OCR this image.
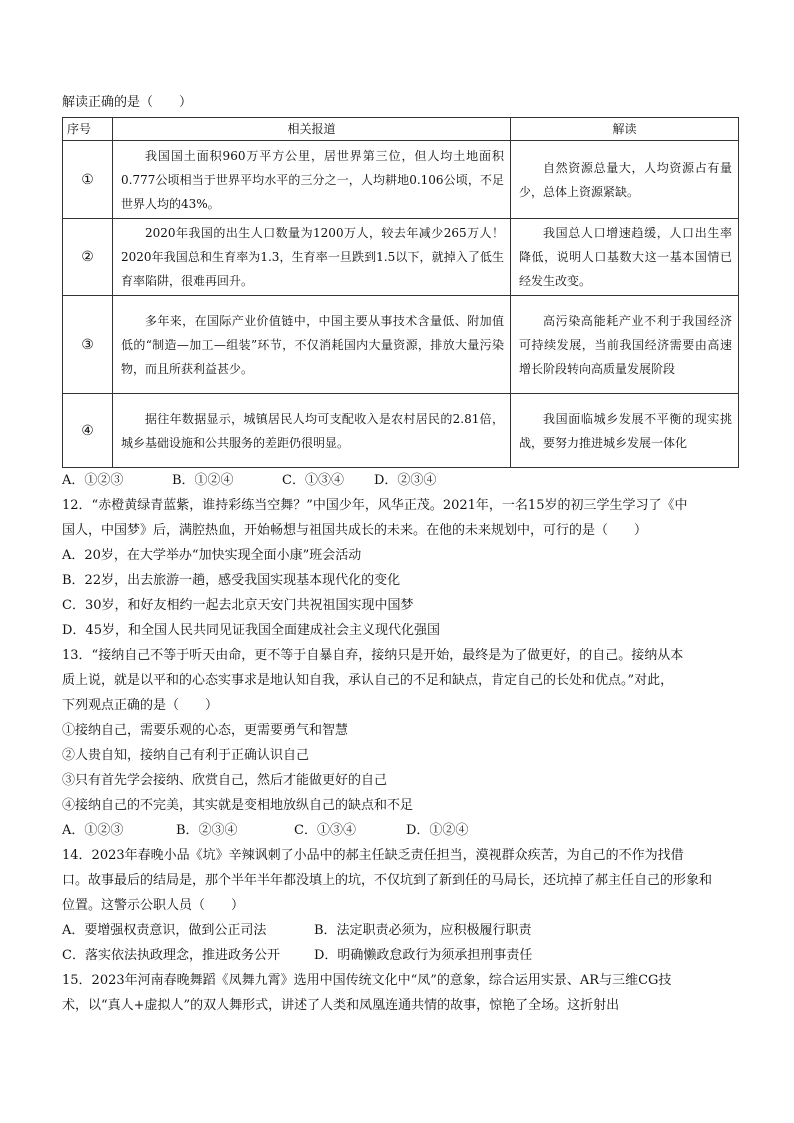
解读正确的是（　　）
序号	相关报道	解读
①	我国国土面积960万平方公里，居世界第三位，但人均土地面积0.777公顷相当于世界平均水平的三分之一，人均耕地0.106公顷，不足世界人均的43%。	自然资源总量大，人均资源占有量少，总体上资源紧缺。
②	2020年我国的出生人口数量为1200万人，较去年减少265万人！2020年我国总和生育率为1.3，生育率一旦跌到1.5以下，就掉入了低生育率陷阱，很难再回升。	我国总人口增速趋缓，人口出生率降低，说明人口基数大这一基本国情已经发生改变。
③	多年来，在国际产业价值链中，中国主要从事技术含量低、附加值低的“制造—加工—组装”环节，不仅消耗国内大量资源，排放大量污染物，而且所获利益甚少。	高污染高能耗产业不利于我国经济可持续发展，当前我国经济需要由高速增长阶段转向高质量发展阶段
④	据往年数据显示，城镇居民人均可支配收入是农村居民的2.81倍，城乡基础设施和公共服务的差距仍很明显。	我国面临城乡发展不平衡的现实挑战，要努力推进城乡发展一体化
A．①②③	B．①②④	C．①③④ D．②③④
12．“赤橙黄绿青蓝紫，谁持彩练当空舞？”中国少年，风华正茂。2021年，一名15岁的初三学生学习了《中
国人，中国梦》后，满腔热血，开始畅想与祖国共成长的未来。在他的未来规划中，可行的是（　　）
A．20岁，在大学举办“加快实现全面小康”班会活动
B．22岁，出去旅游一趟，感受我国实现基本现代化的变化
C．30岁，和好友相约一起去北京天安门共祝祖国实现中国梦
D．45岁，和全国人民共同见证我国全面建成社会主义现代化强国
13．“接纳自己不等于听天由命，更不等于自暴自弃，接纳只是开始，最终是为了做更好，的自己。接纳从本
质上说，就是以平和的心态实事求是地认知自我，承认自己的不足和缺点，肯定自己的长处和优点。”对此，
下列观点正确的是（　　）
①接纳自己，需要乐观的心态，更需要勇气和智慧
②人贵自知，接纳自己有利于正确认识自己
③只有首先学会接纳、欣赏自己，然后才能做更好的自己
④接纳自己的不完美，其实就是变相地放纵自己的缺点和不足
A．①②③	B．②③④	C．①③④	D．①②④
14．2023年春晚小品《坑》辛辣讽刺了小品中的郝主任缺乏责任担当，漠视群众疾苦，为自己的不作为找借
口。故事最后的结局是，那个半年半年都没填上的坑，不仅坑到了新到任的马局长，还坑掉了郝主任自己的形象和
位置。这警示公职人员（　　）
A．要增强权责意识，做到公正司法	B．法定职责必须为，应积极履行职责
C．落实依法执政理念，推进政务公开	D．明确懒政怠政行为须承担刑事责任
15．2023年河南春晚舞蹈《凤舞九霄》选用中国传统文化中“凤”的意象，综合运用实景、AR与三维CG技
术，以“真人+虚拟人”的双人舞形式，讲述了人类和凤凰连通共情的故事，惊艳了全场。这折射出
